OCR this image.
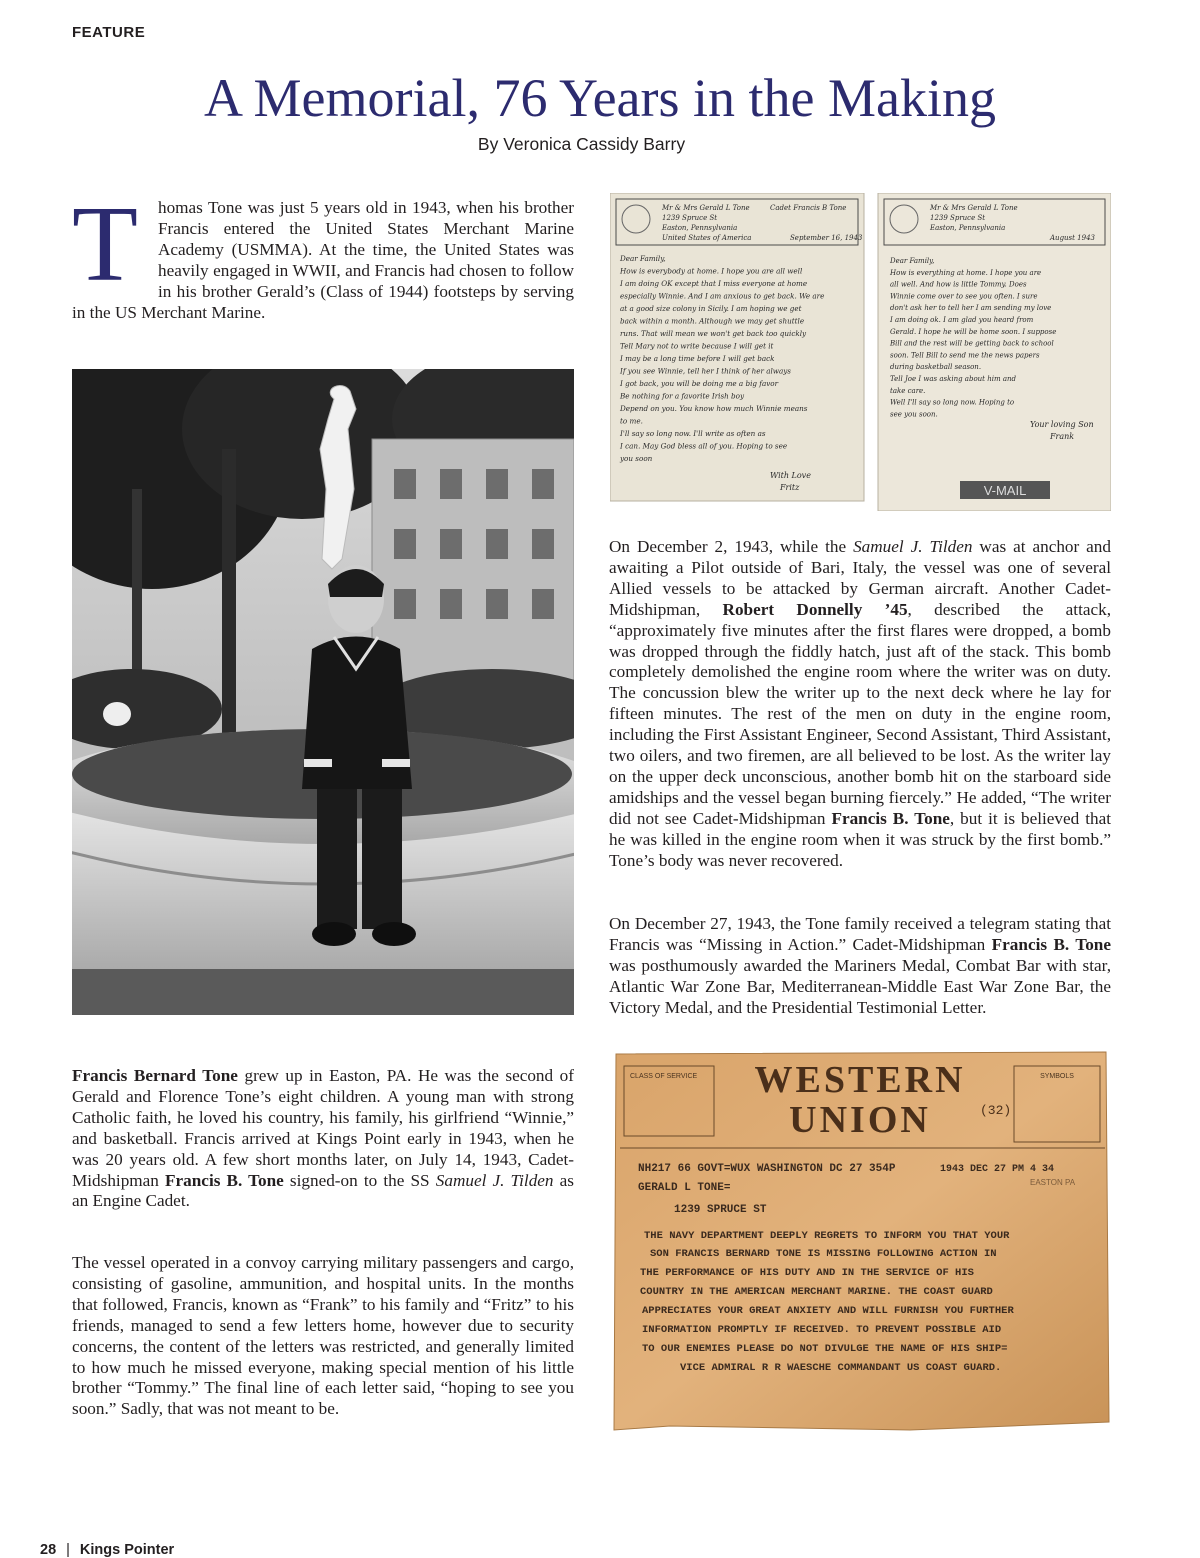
FEATURE
A Memorial, 76 Years in the Making
By Veronica Cassidy Barry
T	homas Tone was just 5 years old in 1943, when his brother Francis entered the United States Merchant Marine Academy (USMMA). At the time, the United States was heavily engaged in WWII, and Francis had chosen to follow in his brother Gerald’s (Class of 1944) footsteps by serving in the US Merchant Marine.

Francis Bernard Tone grew up in Easton, PA. He was the second of Gerald and Florence Tone’s eight children. A young man with strong Catholic faith, he loved his country, his family, his girlfriend “Winnie,” and basketball. Francis arrived at Kings Point early in 1943, when he was 20 years old. A few short months later, on July 14, 1943, Cadet-Midshipman Francis B. Tone signed-on to the SS Samuel J. Tilden as an Engine Cadet.

The vessel operated in a convoy carrying military passengers and cargo, consisting of gasoline, ammunition, and hospital units. In the months that followed, Francis, known as “Frank” to his family and “Fritz” to his friends, managed to send a few letters home, however due to security concerns, the content of the letters was restricted, and generally limited to how much he missed everyone, making special mention of his little brother “Tommy.” The final line of each letter said, “hoping to see you soon.” Sadly, that was not meant to be.

Mr & Mrs Gerald L Tone
1239 Spruce St
Easton, Pennsylvania
United States of America
Cadet Francis B Tone
September 16, 1943
Dear Family,
How is everybody at home. I hope you are all well
I am doing OK except that I miss everyone at home
especially Winnie. And I am anxious to get back. We are
at a good size colony in Sicily. I am hoping we get
back within a month. Although we may get shuttle
runs. That will mean we won't get back too quickly
Tell Mary not to write because I will get it
I may be a long time before I will get back
If you see Winnie, tell her I think of her always
I got back, you will be doing me a big favor
Be nothing for a favorite Irish boy
Depend on you. You know how much Winnie means
to me.
I'll say so long now. I'll write as often as
I can. May God bless all of you. Hoping to see
you soon
With Love
Fritz
Mr & Mrs Gerald L Tone
1239 Spruce St
Easton, Pennsylvania
August 1943
Dear Family,
How is everything at home. I hope you are
all well. And how is little Tommy. Does
Winnie come over to see you often. I sure
don't ask her to tell her I am sending my love
I am doing ok. I am glad you heard from
Gerald. I hope he will be home soon. I suppose
Bill and the rest will be getting back to school
soon. Tell Bill to send me the news papers
during basketball season.
Tell Joe I was asking about him and
take care.
Well I'll say so long now. Hoping to
see you soon.
Your loving Son
Frank
V-MAIL

On December 2, 1943, while the Samuel J. Tilden was at anchor and awaiting a Pilot outside of Bari, Italy, the vessel was one of several Allied vessels to be attacked by German aircraft. Another Cadet-Midshipman, Robert Donnelly ’45, described the attack, “approximately five minutes after the first flares were dropped, a bomb was dropped through the fiddly hatch, just aft of the stack. This bomb completely demolished the engine room where the writer was on duty. The concussion blew the writer up to the next deck where he lay for fifteen minutes. The rest of the men on duty in the engine room, including the First Assistant Engineer, Second Assistant, Third Assistant, two oilers, and two firemen, are all believed to be lost. As the writer lay on the upper deck unconscious, another bomb hit on the starboard side amidships and the vessel began burning fiercely.” He added, “The writer did not see Cadet-Midshipman Francis B. Tone, but it is believed that he was killed in the engine room when it was struck by the first bomb.” Tone’s body was never recovered.

On December 27, 1943, the Tone family received a telegram stating that Francis was “Missing in Action.” Cadet-Midshipman Francis B. Tone was posthumously awarded the Mariners Medal, Combat Bar with star, Atlantic War Zone Bar, Mediterranean-Middle East War Zone Bar, the Victory Medal, and the Presidential Testimonial Letter.

CLASS OF SERVICE WESTERN
UNION	(32)
SYMBOLS
NH217 66 GOVT=WUX WASHINGTON DC 27 354P
GERALD L TONE=
1239 SPRUCE ST
THE NAVY DEPARTMENT DEEPLY REGRETS TO INFORM YOU THAT YOUR
SON FRANCIS BERNARD TONE IS MISSING FOLLOWING ACTION IN
THE PERFORMANCE OF HIS DUTY AND IN THE SERVICE OF HIS
COUNTRY IN THE AMERICAN MERCHANT MARINE. THE COAST GUARD
APPRECIATES YOUR GREAT ANXIETY AND WILL FURNISH YOU FURTHER
INFORMATION PROMPTLY IF RECEIVED. TO PREVENT POSSIBLE AID
TO OUR ENEMIES PLEASE DO NOT DIVULGE THE NAME OF HIS SHIP=
VICE ADMIRAL R R WAESCHE COMMANDANT US COAST GUARD.
1943 DEC 27 PM 4 34
EASTON PA
28 | Kings Pointer
